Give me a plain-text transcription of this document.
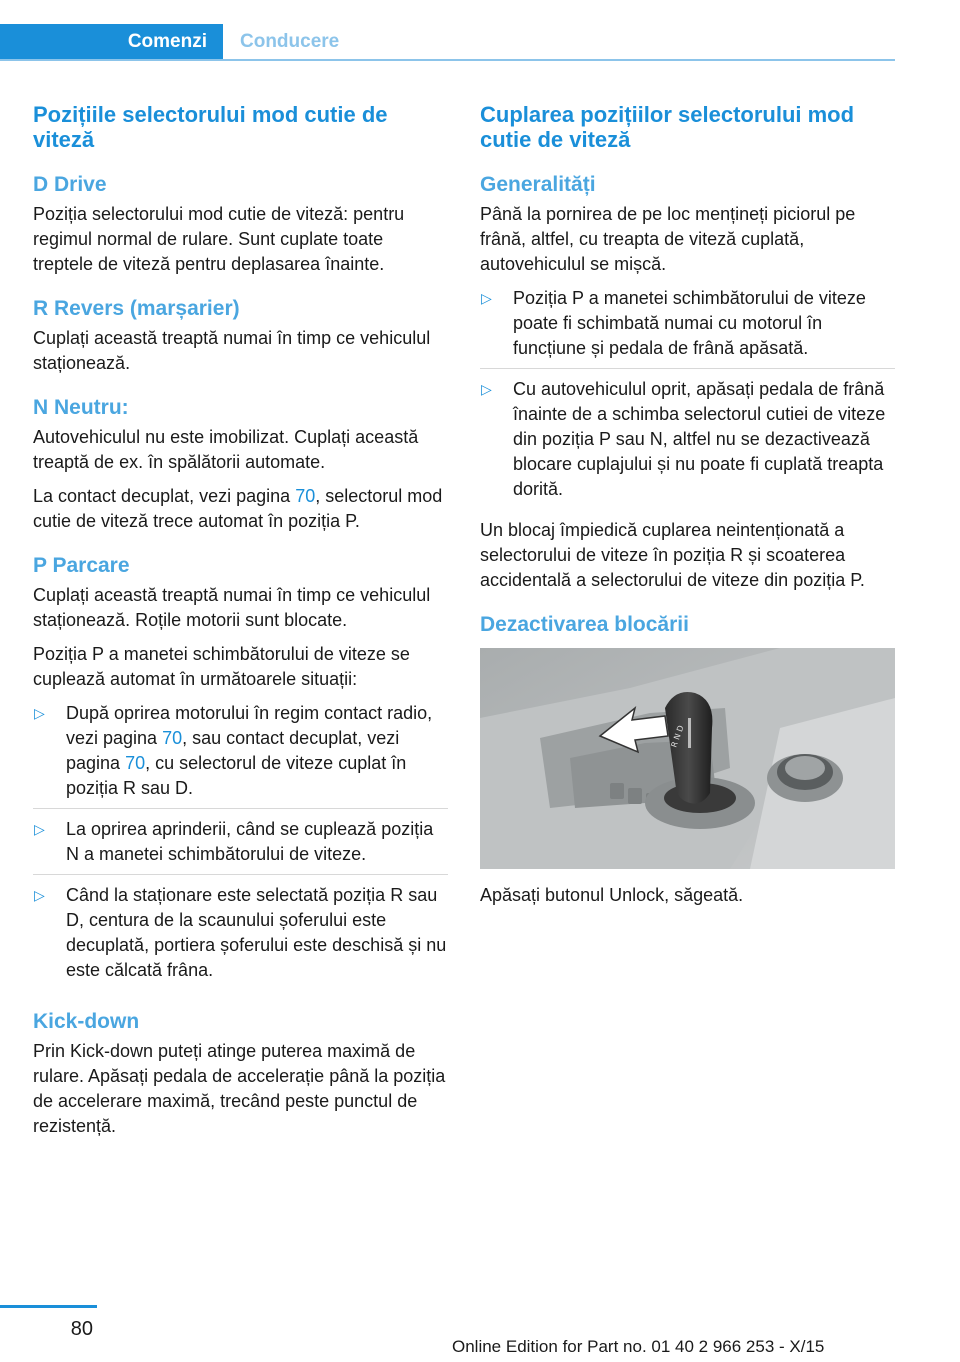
Comenzi Conducere
Pozițiile selectorului mod cutie de viteză
D Drive

Poziția selectorului mod cutie de viteză: pentru regimul normal de rulare. Sunt cuplate toate treptele de viteză pentru deplasarea înainte.

R Revers (marșarier)

Cuplați această treaptă numai în timp ce vehiculul staționează.

N Neutru:

Autovehiculul nu este imobilizat. Cuplați această treaptă de ex. în spălătorii automate.

La contact decuplat, vezi pagina 70, selectorul mod cutie de viteză trece automat în poziția P.

P Parcare

Cuplați această treaptă numai în timp ce vehiculul staționează. Roțile motorii sunt blocate.

Poziția P a manetei schimbătorului de viteze se cuplează automat în următoarele situații:

▷ După oprirea motorului în regim contact radio, vezi pagina 70, sau contact decuplat, vezi pagina 70, cu selectorul de viteze cuplat în poziția R sau D.
▷ La oprirea aprinderii, când se cuplează poziția N a manetei schimbătorului de viteze.
▷ Când la staționare este selectată poziția R sau D, centura de la scaunului șoferului este decuplată, portiera șoferului este deschisă și nu este călcată frâna.
Kick-down

Prin Kick-down puteți atinge puterea maximă de rulare. Apăsați pedala de accelerație până la poziția de accelerare maximă, trecând peste punctul de rezistență.

Cuplarea pozițiilor selectorului mod cutie de viteză
Generalități

Până la pornirea de pe loc mențineți piciorul pe frână, altfel, cu treapta de viteză cuplată, autovehiculul se mișcă.

▷ Poziția P a manetei schimbătorului de viteze poate fi schimbată numai cu motorul în funcțiune și pedala de frână apăsată.
▷ Cu autovehiculul oprit, apăsați pedala de frână înainte de a schimba selectorul cutiei de viteze din poziția P sau N, altfel nu se dezactivează blocare cuplajului și nu poate fi cuplată treapta dorită.

Un blocaj împiedică cuplarea neintenționată a selectorului de viteze în poziția R și scoaterea accidentală a selectorului de viteze din poziția P.

Dezactivarea blocării
R N D

Apăsați butonul Unlock, săgeată.

80
Online Edition for Part no. 01 40 2 966 253 - X/15
